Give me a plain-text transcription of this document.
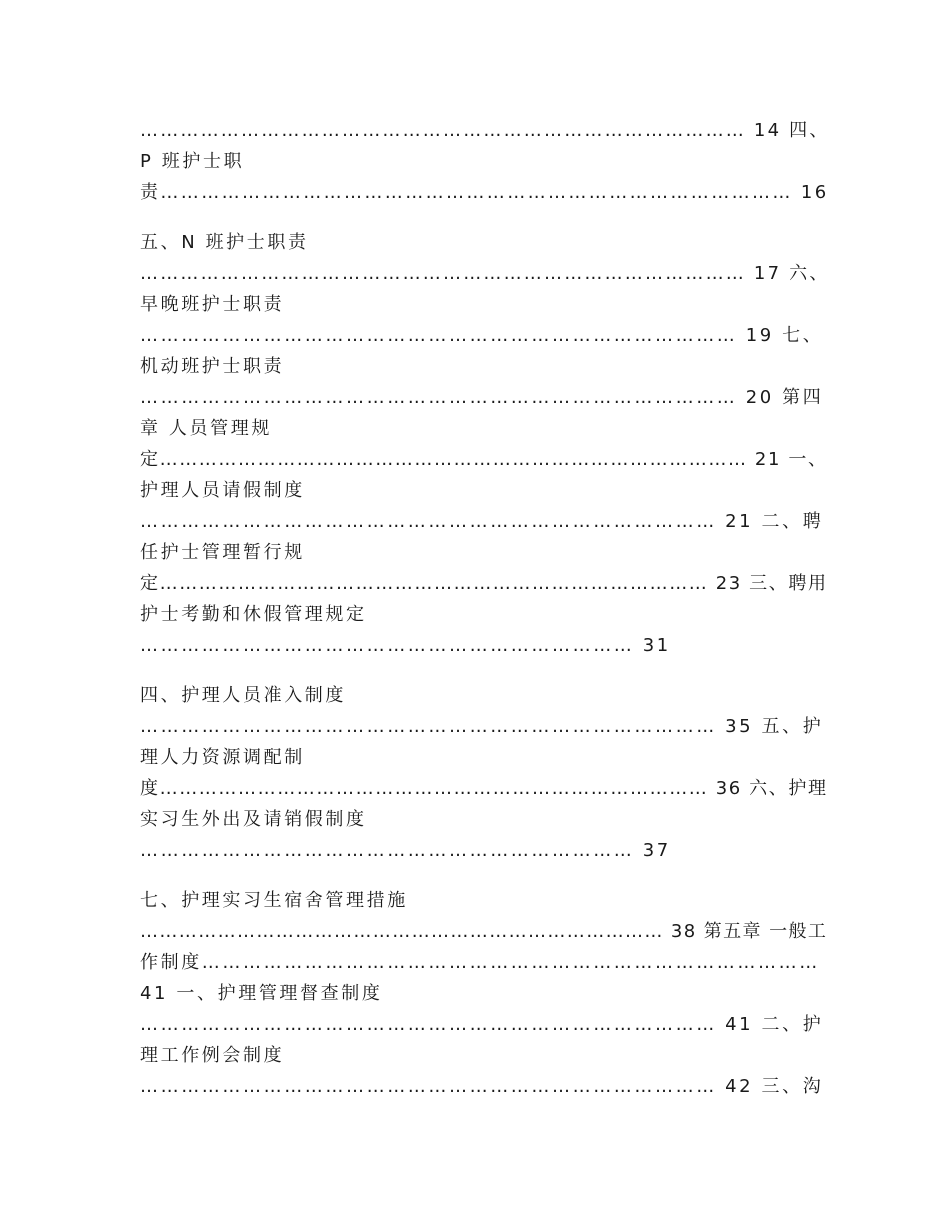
……………………………………………………………………………… 14 四、
P 班护士职
责………………………………………………………………………………… 16
五、N 班护士职责
……………………………………………………………………………… 17 六、
早晚班护士职责
…………………………………………………………………………… 19 七、
机动班护士职责
…………………………………………………………………………… 20 第四
章 人员管理规
定……………………………………………………………………………… 21 一、
护理人员请假制度
………………………………………………………………………… 21 二、聘
任护士管理暂行规
定………………………………………………………………………… 23 三、聘用
护士考勤和休假管理规定
……………………………………………………………… 31
四、护理人员准入制度
………………………………………………………………………… 35 五、护
理人力资源调配制
度………………………………………………………………………… 36 六、护理
实习生外出及请销假制度
……………………………………………………………… 37
七、护理实习生宿舍管理措施
……………………………………………………………………… 38 第五章 一般工
作制度………………………………………………………………………………
41 一、护理管理督查制度
………………………………………………………………………… 41 二、护
理工作例会制度
………………………………………………………………………… 42 三、沟
